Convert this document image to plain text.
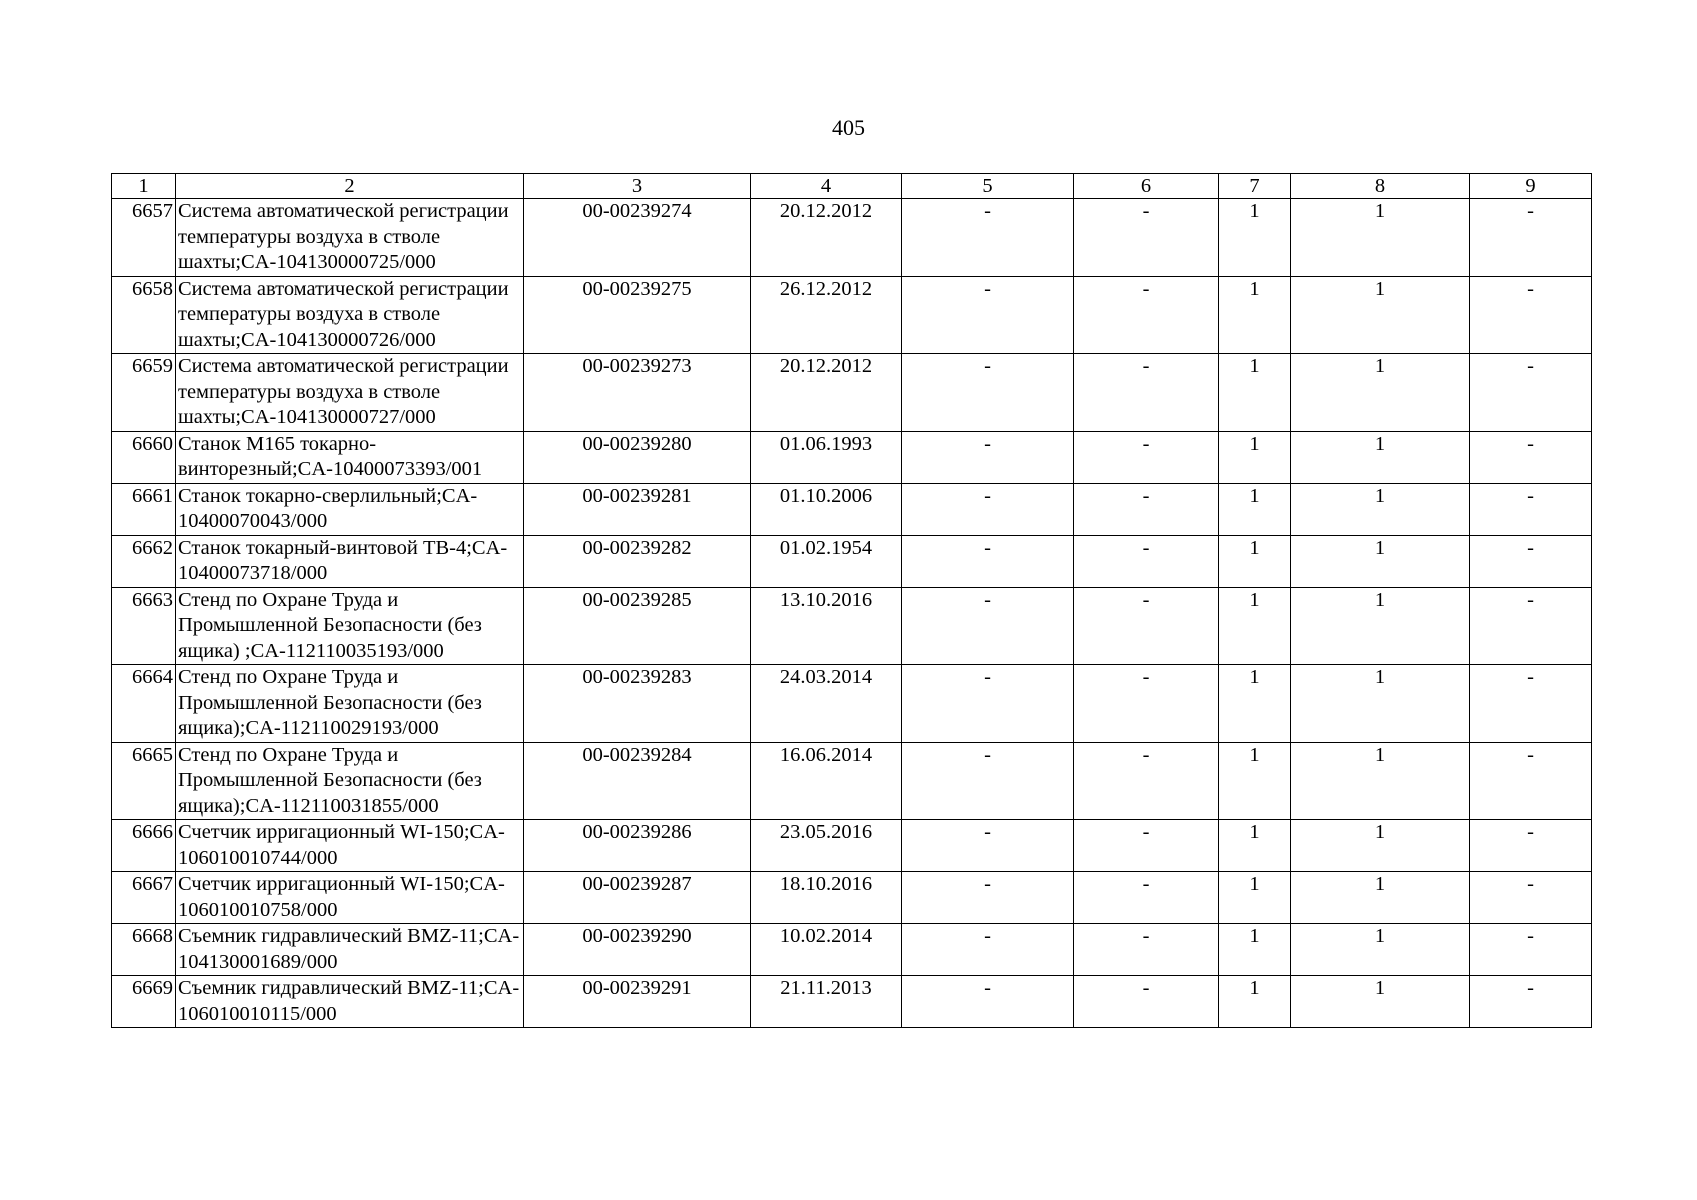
405
1	2	3	4	5	6	7	8	9
6657	Система автоматической регистрации температуры воздуха в стволе шахты;CA-104130000725/000	00-00239274	20.12.2012	-	-	1	1	-
6658	Система автоматической регистрации температуры воздуха в стволе шахты;CA-104130000726/000	00-00239275	26.12.2012	-	-	1	1	-
6659	Система автоматической регистрации температуры воздуха в стволе шахты;CA-104130000727/000	00-00239273	20.12.2012	-	-	1	1	-
6660	Станок М165 токарно-винторезный;CA-10400073393/001	00-00239280	01.06.1993	-	-	1	1	-
6661	Станок токарно-сверлильный;CA-10400070043/000	00-00239281	01.10.2006	-	-	1	1	-
6662	Станок токарный-винтовой ТВ-4;CA-10400073718/000	00-00239282	01.02.1954	-	-	1	1	-
6663	Стенд по Охране Труда и Промышленной Безопасности (без ящика) ;CA-112110035193/000	00-00239285	13.10.2016	-	-	1	1	-
6664	Стенд по Охране Труда и Промышленной Безопасности (без ящика);CA-112110029193/000	00-00239283	24.03.2014	-	-	1	1	-
6665	Стенд по Охране Труда и Промышленной Безопасности (без ящика);CA-112110031855/000	00-00239284	16.06.2014	-	-	1	1	-
6666	Счетчик ирригационный WI-150;CA-106010010744/000	00-00239286	23.05.2016	-	-	1	1	-
6667	Счетчик ирригационный WI-150;CA-106010010758/000	00-00239287	18.10.2016	-	-	1	1	-
6668	Съемник гидравлический BMZ-11;CA-104130001689/000	00-00239290	10.02.2014	-	-	1	1	-
6669	Съемник гидравлический BMZ-11;CA-106010010115/000	00-00239291	21.11.2013	-	-	1	1	-
